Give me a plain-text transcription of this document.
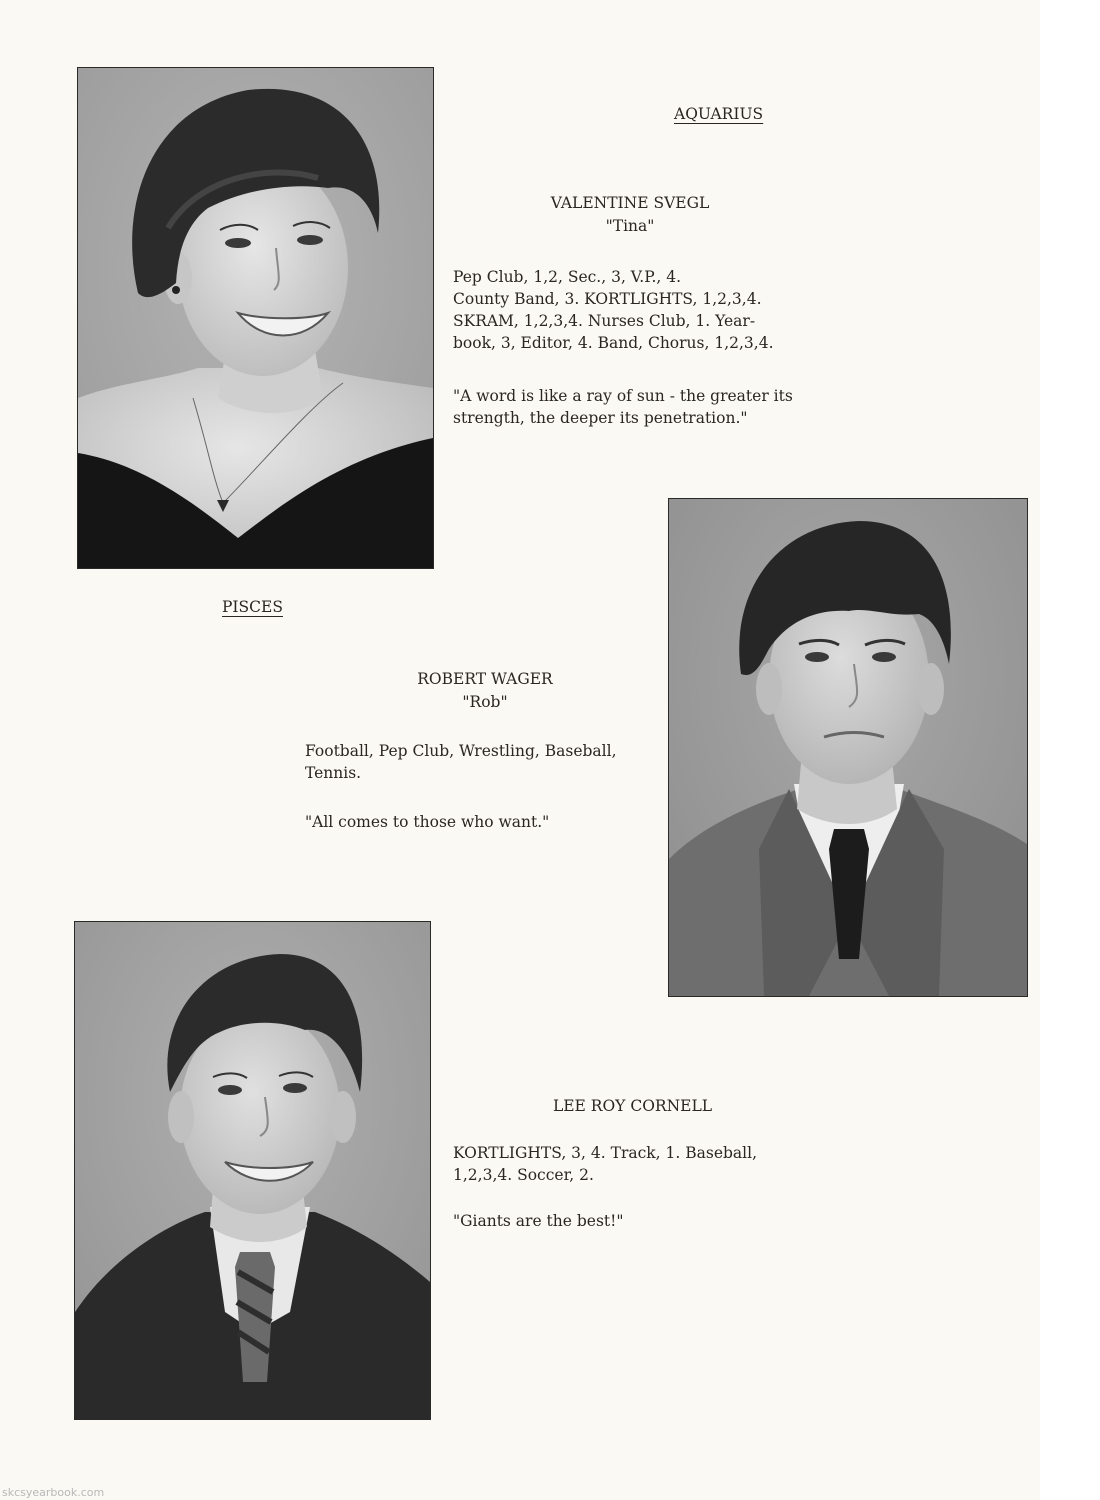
AQUARIUS

VALENTINE SVEGL

"Tina"

Pep Club, 1,2, Sec., 3, V.P., 4.
County Band, 3. KORTLIGHTS, 1,2,3,4.
SKRAM, 1,2,3,4. Nurses Club, 1. Year-
book, 3, Editor, 4. Band, Chorus, 1,2,3,4.

"A word is like a ray of sun - the greater its
strength, the deeper its penetration."

PISCES

ROBERT WAGER

"Rob"

Football, Pep Club, Wrestling, Baseball,
Tennis.

"All comes to those who want."

LEE ROY CORNELL

KORTLIGHTS, 3, 4. Track, 1. Baseball,
1,2,3,4. Soccer, 2.

"Giants are the best!"

skcsyearbook.com
